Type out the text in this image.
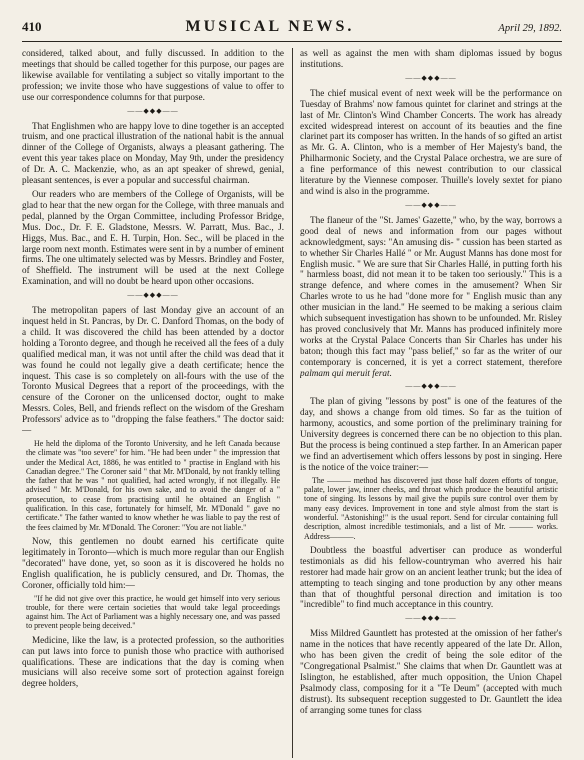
410	MUSICAL NEWS.	April 29, 1892.

considered, talked about, and fully discussed. In addition to the meetings that should be called together for this purpose, our pages are likewise available for ventilating a subject so vitally important to the profession; we invite those who have suggestions of value to offer to use our correspondence columns for that purpose.

——◆◆◆——

That Englishmen who are happy love to dine together is an accepted truism, and one practical illustration of the national habit is the annual dinner of the College of Organists, always a pleasant gathering. The event this year takes place on Monday, May 9th, under the presidency of Dr. A. C. Mackenzie, who, as an apt speaker of shrewd, genial, pleasant sentences, is ever a popular and successful chairman.

Our readers who are members of the College of Organists, will be glad to hear that the new organ for the College, with three manuals and pedal, planned by the Organ Committee, including Professor Bridge, Mus. Doc., Dr. F. E. Gladstone, Messrs. W. Parratt, Mus. Bac., J. Higgs, Mus. Bac., and E. H. Turpin, Hon. Sec., will be placed in the large room next month. Estimates were sent in by a number of eminent firms. The one ultimately selected was by Messrs. Brindley and Foster, of Sheffield. The instrument will be used at the next College Examination, and will no doubt be heard upon other occasions.

——◆◆◆——

The metropolitan papers of last Monday give an account of an inquest held in St. Pancras, by Dr. C. Danford Thomas, on the body of a child. It was discovered the child has been attended by a doctor holding a Toronto degree, and though he received all the fees of a duly qualified medical man, it was not until after the child was dead that it was found he could not legally give a death certificate; hence the inquest. This case is so completely on all-fours with the use of the Toronto Musical Degrees that a report of the proceedings, with the censure of the Coroner on the unlicensed doctor, ought to make Messrs. Coles, Bell, and friends reflect on the wisdom of the Gresham Professors' advice as to "dropping the false feathers." The doctor said:—

He held the diploma of the Toronto University, and he left Canada because the climate was "too severe" for him. "He had been under " the impression that under the Medical Act, 1886, he was entitled to " practise in England with his Canadian degree." The Coroner said " that Mr. M'Donald, by not frankly telling the father that he was " not qualified, had acted wrongly, if not illegally. He advised " Mr. M'Donald, for his own sake, and to avoid the danger of a " prosecution, to cease from practising until he obtained an English " qualification. In this case, fortunately for himself, Mr. M'Donald " gave no certificate." The father wanted to know whether he was liable to pay the rest of the fees claimed by Mr. M'Donald. The Coroner: "You are not liable."

Now, this gentlemen no doubt earned his certificate quite legitimately in Toronto—which is much more regular than our English "decorated" have done, yet, so soon as it is discovered he holds no English qualification, he is publicly censured, and Dr. Thomas, the Coroner, officially told him:—

"If he did not give over this practice, he would get himself into very serious trouble, for there were certain societies that would take legal proceedings against him. The Act of Parliament was a highly necessary one, and was passed to prevent people being deceived."

Medicine, like the law, is a protected profession, so the authorities can put laws into force to punish those who practice with authorised qualifications. These are indications that the day is coming when musicians will also receive some sort of protection against foreign degree holders,

as well as against the men with sham diplomas issued by bogus institutions.

——◆◆◆——

The chief musical event of next week will be the performance on Tuesday of Brahms' now famous quintet for clarinet and strings at the last of Mr. Clinton's Wind Chamber Concerts. The work has already excited widespread interest on account of its beauties and the fine clarinet part its composer has written. In the hands of so gifted an artist as Mr. G. A. Clinton, who is a member of Her Majesty's band, the Philharmonic Society, and the Crystal Palace orchestra, we are sure of a fine performance of this newest contribution to our classical literature by the Viennese composer. Thuille's lovely sextet for piano and wind is also in the programme.

——◆◆◆——

The flaneur of the "St. James' Gazette," who, by the way, borrows a good deal of news and information from our pages without acknowledgment, says: "An amusing dis- " cussion has been started as to whether Sir Charles Hallé " or Mr. August Manns has done most for English music. " We are sure that Sir Charles Hallé, in putting forth his " harmless boast, did not mean it to be taken too seriously." This is a strange defence, and where comes in the amusement? When Sir Charles wrote to us he had "done more for " English music than any other musician in the land." He seemed to be making a serious claim which subsequent investigation has shown to be unfounded. Mr. Risley has proved conclusively that Mr. Manns has produced infinitely more works at the Crystal Palace Concerts than Sir Charles has under his baton; though this fact may "pass belief," so far as the writer of our contemporary is concerned, it is yet a correct statement, therefore palmam qui meruit ferat.

——◆◆◆——

The plan of giving "lessons by post" is one of the features of the day, and shows a change from old times. So far as the tuition of harmony, acoustics, and some portion of the preliminary training for University degrees is concerned there can be no objection to this plan. But the process is being continued a step farther. In an American paper we find an advertisement which offers lessons by post in singing. Here is the notice of the voice trainer:—

The ——— method has discovered just those half dozen efforts of tongue, palate, lower jaw, inner cheeks, and throat which produce the beautiful artistic tone of singing. Its lessons by mail give the pupils sure control over them by many easy devices. Improvement in tone and style almost from the start is wonderful. "Astonishing!" is the usual report. Send for circular containing full description, almost incredible testimonials, and a list of Mr. ——— works. Address———.

Doubtless the boastful advertiser can produce as wonderful testimonials as did his fellow-countryman who averred his hair restorer had made hair grow on an ancient leather trunk; but the idea of attempting to teach singing and tone production by any other means than that of thoughtful personal direction and imitation is too "incredible" to find much acceptance in this country.

——◆◆◆——

Miss Mildred Gauntlett has protested at the omission of her father's name in the notices that have recently appeared of the late Dr. Allon, who has been given the credit of being the sole editor of the "Congregational Psalmist." She claims that when Dr. Gauntlett was at Islington, he established, after much opposition, the Union Chapel Psalmody class, composing for it a "Te Deum" (accepted with much distrust). Its subsequent reception suggested to Dr. Gauntlett the idea of arranging some tunes for class
